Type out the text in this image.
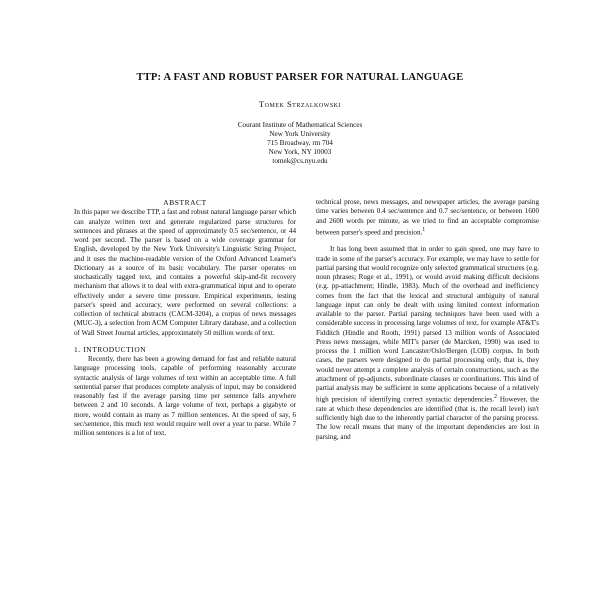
TTP: A FAST AND ROBUST PARSER FOR NATURAL LANGUAGE
Tomek Strzalkowski
Courant Institute of Mathematical Sciences
New York University
715 Broadway, rm 704
New York, NY 10003
tomek@cs.nyu.edu
ABSTRACT

In this paper we describe TTP, a fast and robust natural language parser which can analyze written text and generate regularized parse structures for sentences and phrases at the speed of approximately 0.5 sec/sentence, or 44 word per second. The parser is based on a wide coverage grammar for English, developed by the New York University's Linguistic String Project, and it uses the machine-readable version of the Oxford Advanced Learner's Dictionary as a source of its basic vocabulary. The parser operates on stochastically tagged text, and contains a powerful skip-and-fit recovery mechanism that allows it to deal with extra-grammatical input and to operate effectively under a severe time pressure. Empirical experiments, testing parser's speed and accuracy, were performed on several collections: a collection of technical abstracts (CACM-3204), a corpus of news messages (MUC-3), a selection from ACM Computer Library database, and a collection of Wall Street Journal articles, approximately 50 million words of text.

1. INTRODUCTION

Recently, there has been a growing demand for fast and reliable natural language processing tools, capable of performing reasonably accurate syntactic analysis of large volumes of text within an acceptable time. A full sentential parser that produces complete analysis of input, may be considered reasonably fast if the average parsing time per sentence falls anywhere between 2 and 10 seconds. A large volume of text, perhaps a gigabyte or more, would contain as many as 7 million sentences. At the speed of say, 6 sec/sentence, this much text would require well over a year to parse. While 7 million sentences is a lot of text,

technical prose, news messages, and newspaper articles, the average parsing time varies between 0.4 sec/sentence and 0.7 sec/sentence, or between 1600 and 2600 words per minute, as we tried to find an acceptable compromise between parser's speed and precision.$^1$

It has long been assumed that in order to gain speed, one may have to trade in some of the parser's accuracy. For example, we may have to settle for partial parsing that would recognize only selected grammatical structures (e.g. noun phrases; Ruge et al., 1991), or would avoid making difficult decisions (e.g. pp-attachment; Hindle, 1983). Much of the overhead and inefficiency comes from the fact that the lexical and structural ambiguity of natural language input can only be dealt with using limited context information available to the parser. Partial parsing techniques have been used with a considerable success in processing large volumes of text, for example AT&T's Fidditch (Hindle and Rooth, 1991) parsed 13 million words of Associated Press news messages, while MIT's parser (de Marcken, 1990) was used to process the 1 million word Lancaster/Oslo/Bergen (LOB) corpus. In both cases, the parsers were designed to do partial processing only, that is, they would never attempt a complete analysis of certain constructions, such as the attachment of pp-adjuncts, subordinate clauses or coordinations. This kind of partial analysis may be sufficient in some applications because of a relatively high precision of identifying correct syntactic dependencies.$^2$ However, the rate at which these dependencies are identified (that is, the recall level) isn't sufficiently high due to the inherently partial character of the parsing process. The low recall means that many of the important dependencies are lost in parsing, and
